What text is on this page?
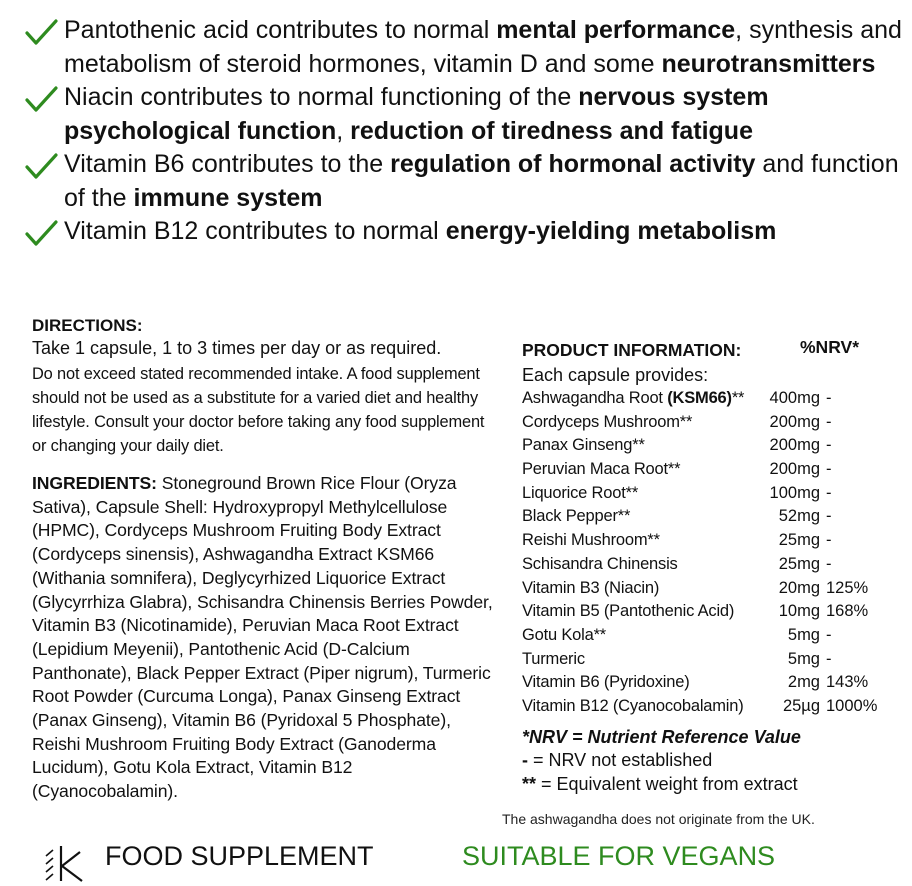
Pantothenic acid contributes to normal mental performance, synthesis and metabolism of steroid hormones, vitamin D and some neurotransmitters
Niacin contributes to normal functioning of the nervous system psychological function, reduction of tiredness and fatigue
Vitamin B6 contributes to the regulation of hormonal activity and function of the immune system
Vitamin B12 contributes to normal energy-yielding metabolism
DIRECTIONS:
Take 1 capsule, 1 to 3 times per day or as required.
Do not exceed stated recommended intake. A food supplement should not be used as a substitute for a varied diet and healthy lifestyle. Consult your doctor before taking any food supplement or changing your daily diet.
INGREDIENTS: Stoneground Brown Rice Flour (Oryza Sativa), Capsule Shell: Hydroxypropyl Methylcellulose (HPMC), Cordyceps Mushroom Fruiting Body Extract (Cordyceps sinensis), Ashwagandha Extract KSM66 (Withania somnifera), Deglycyrhized Liquorice Extract (Glycyrrhiza Glabra), Schisandra Chinensis Berries Powder, Vitamin B3 (Nicotinamide), Peruvian Maca Root Extract (Lepidium Meyenii), Pantothenic Acid (D-Calcium Panthonate), Black Pepper Extract (Piper nigrum), Turmeric Root Powder (Curcuma Longa), Panax Ginseng Extract (Panax Ginseng), Vitamin B6 (Pyridoxal 5 Phosphate), Reishi Mushroom Fruiting Body Extract (Ganoderma Lucidum), Gotu Kola Extract, Vitamin B12 (Cyanocobalamin).
PRODUCT INFORMATION:	%NRV*
Each capsule provides:
Ashwagandha Root (KSM66)**	400mg -
Cordyceps Mushroom**	200mg -
Panax Ginseng**	200mg -
Peruvian Maca Root**	200mg -
Liquorice Root**	100mg -
Black Pepper**	52mg -
Reishi Mushroom**	25mg -
Schisandra Chinensis	25mg -
Vitamin B3 (Niacin)	20mg 125%
Vitamin B5 (Pantothenic Acid)	10mg 168%
Gotu Kola**	5mg -
Turmeric	5mg -
Vitamin B6 (Pyridoxine)	2mg 143%
Vitamin B12 (Cyanocobalamin)	25µg 1000%
*NRV = Nutrient Reference Value
- = NRV not established
** = Equivalent weight from extract
The ashwagandha does not originate from the UK.
FOOD SUPPLEMENT	SUITABLE FOR VEGANS
